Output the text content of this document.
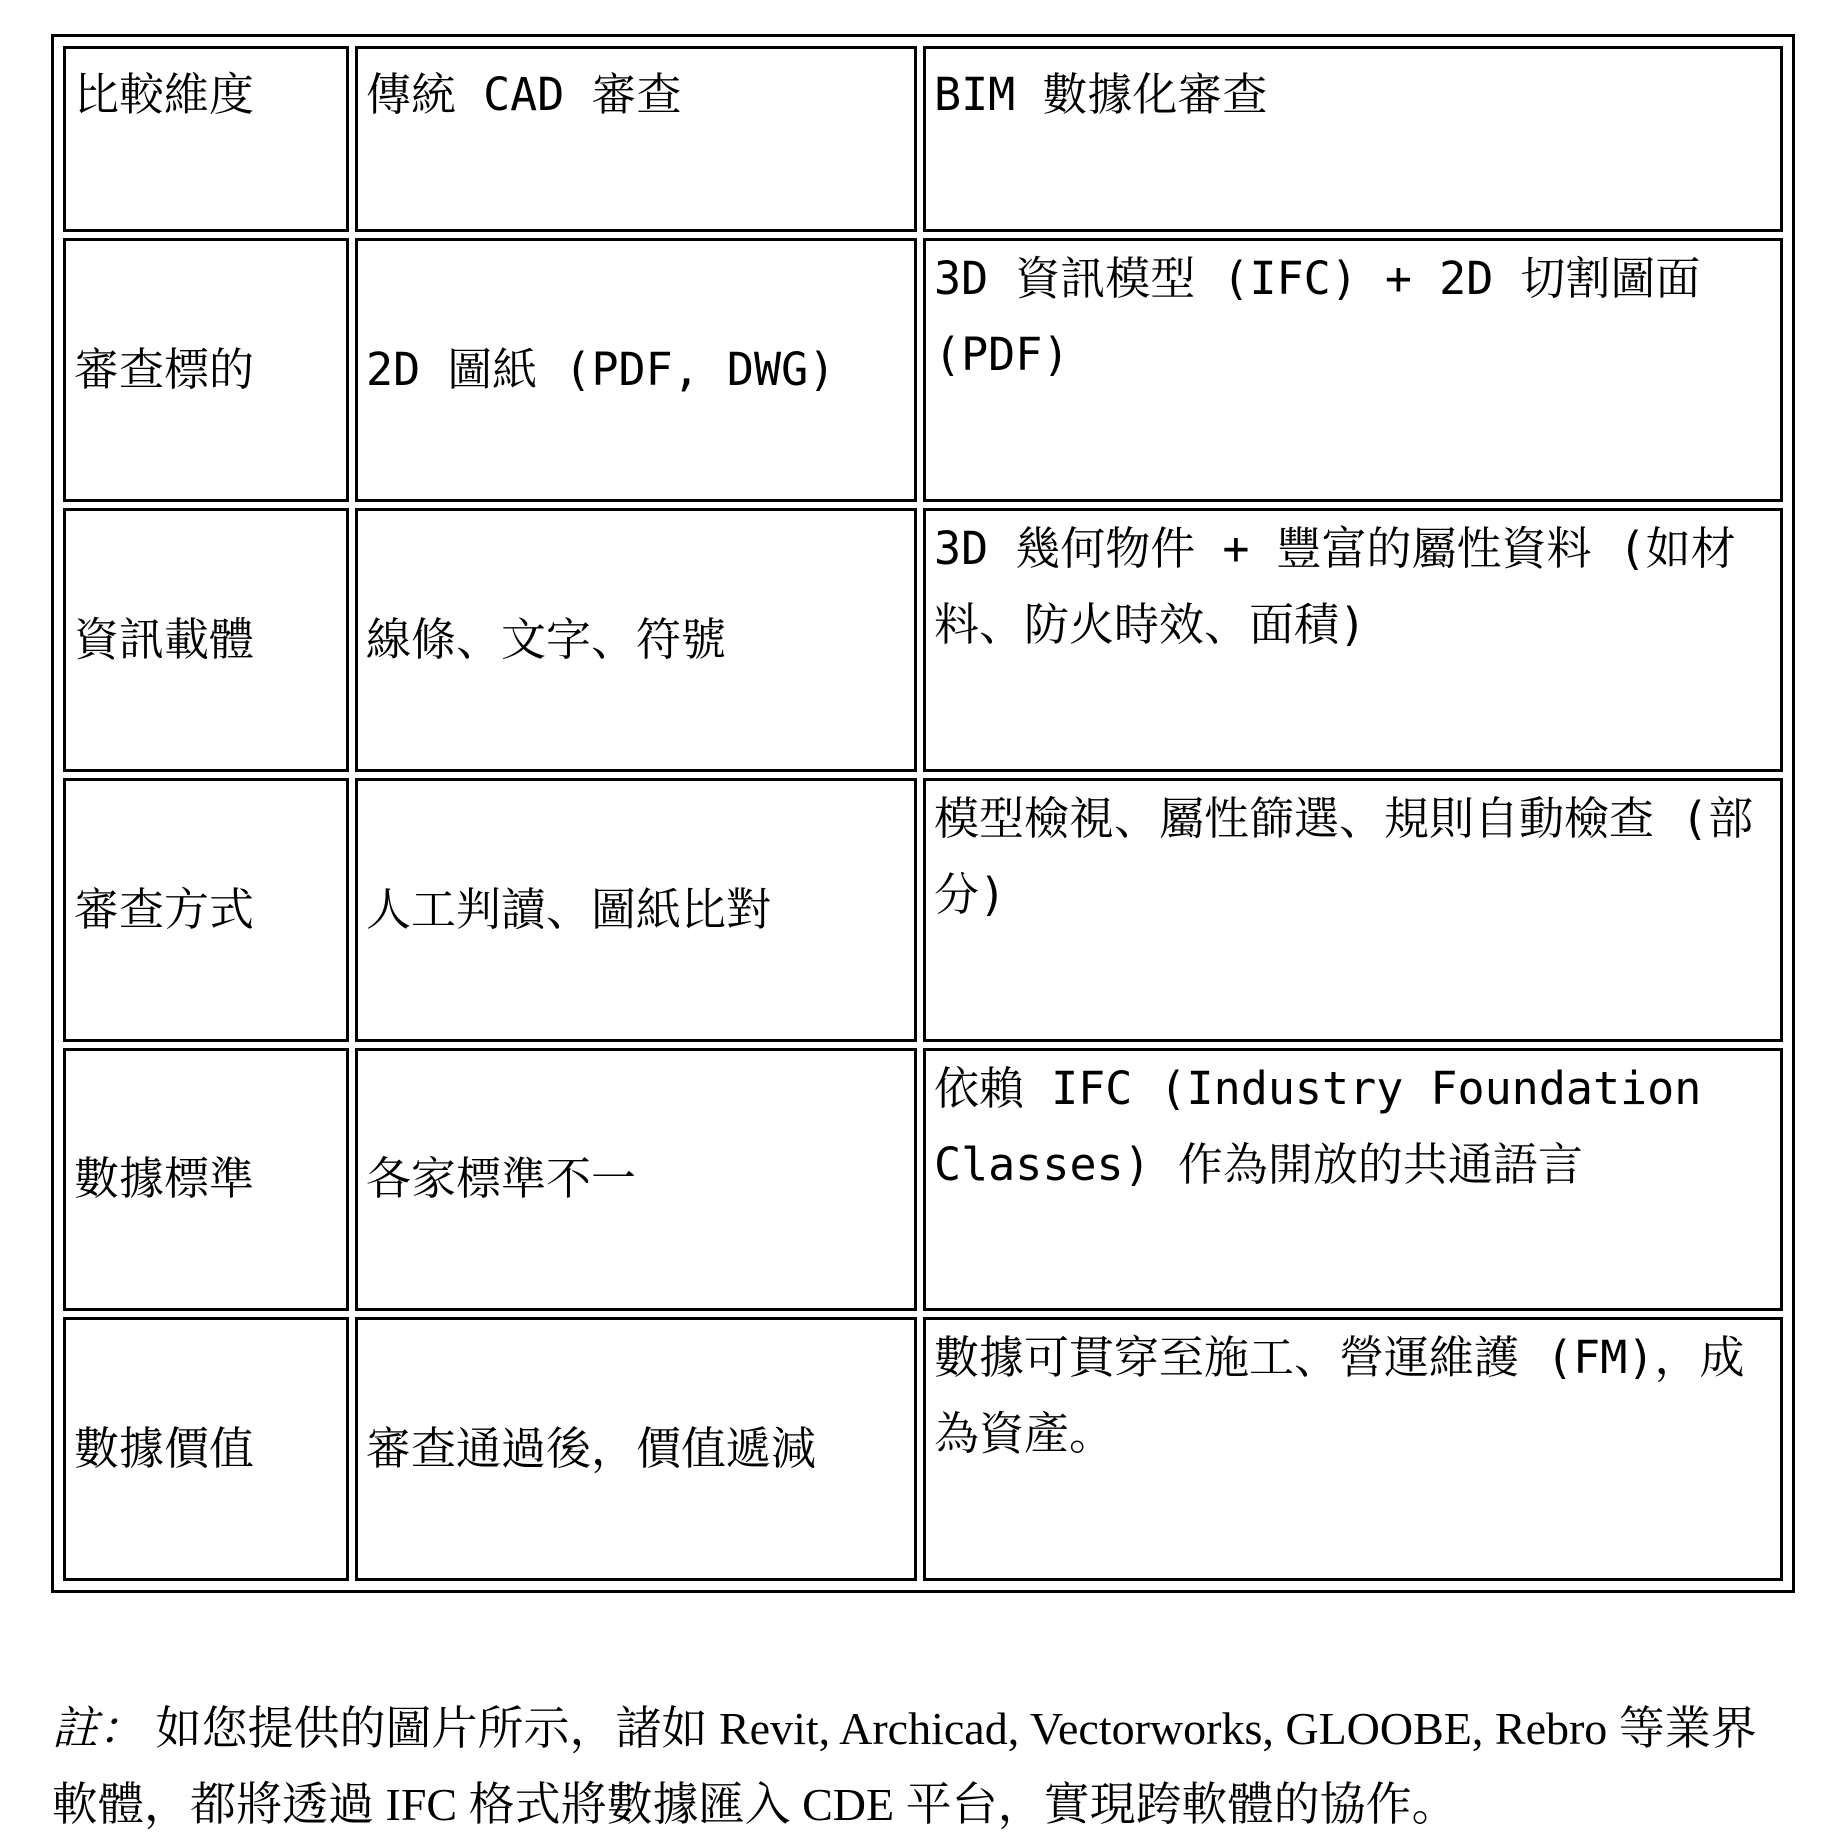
比較維度	傳統 CAD 審查	BIM 數據化審查
審查標的	2D 圖紙 (PDF, DWG)	3D 資訊模型 (IFC) + 2D 切割圖面 (PDF)
資訊載體	線條、文字、符號	3D 幾何物件 + 豐富的屬性資料 (如材料、防火時效、面積)
審查方式	人工判讀、圖紙比對	模型檢視、屬性篩選、規則自動檢查 (部分)
數據標準	各家標準不一	依賴 IFC (Industry Foundation Classes) 作為開放的共通語言
數據價值	審查通過後，價值遞減	數據可貫穿至施工、營運維護 (FM)，成為資產。

註： 如您提供的圖片所示，諸如 Revit, Archicad, Vectorworks, GLOOBE, Rebro 等業界軟體，都將透過 IFC 格式將數據匯入 CDE 平台，實現跨軟體的協作。
